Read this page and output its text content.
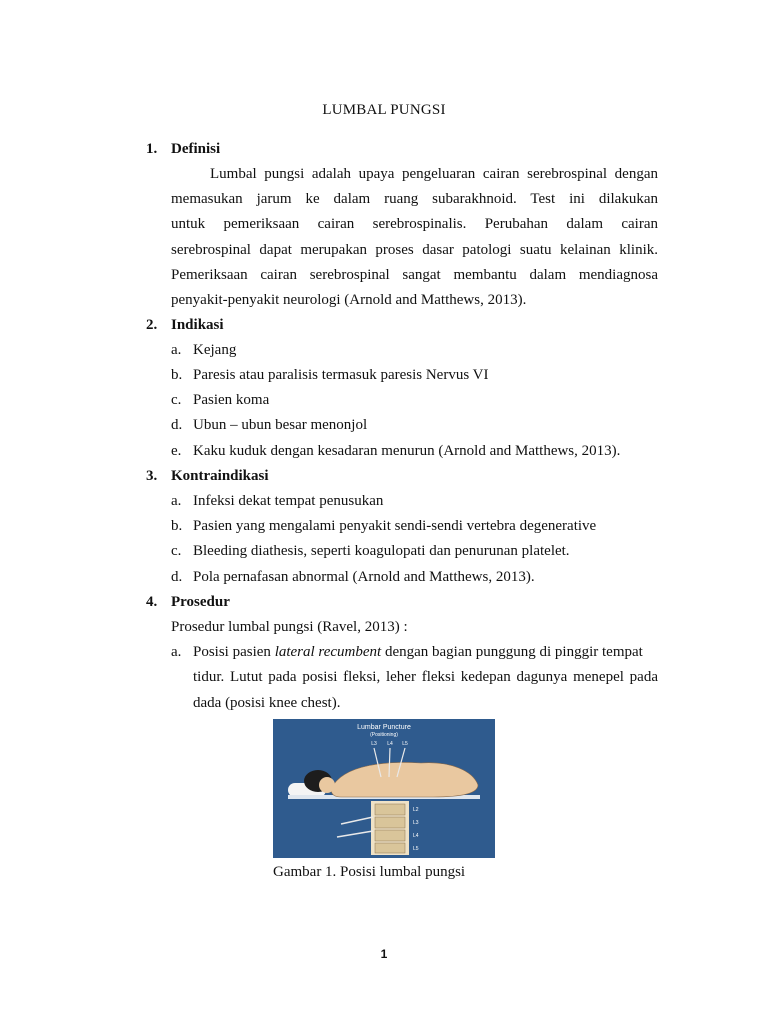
LUMBAL PUNGSI
1. Definisi
Lumbal pungsi adalah upaya pengeluaran cairan serebrospinal dengan
memasukan jarum ke dalam ruang subarakhnoid. Test ini dilakukan
untuk pemeriksaan cairan serebrospinalis. Perubahan dalam cairan
serebrospinal dapat merupakan proses dasar patologi suatu kelainan klinik.
Pemeriksaan cairan serebrospinal sangat membantu dalam mendiagnosa
penyakit-penyakit neurologi (Arnold and Matthews, 2013).
2. Indikasi
a. Kejang
b. Paresis atau paralisis termasuk paresis Nervus VI
c. Pasien koma
d. Ubun – ubun besar menonjol
e. Kaku kuduk dengan kesadaran menurun (Arnold and Matthews, 2013).
3. Kontraindikasi
a. Infeksi dekat tempat penusukan
b. Pasien yang mengalami penyakit sendi-sendi vertebra degenerative
c. Bleeding diathesis, seperti koagulopati dan penurunan platelet.
d. Pola pernafasan abnormal (Arnold and Matthews, 2013).
4. Prosedur
Prosedur lumbal pungsi (Ravel, 2013) :
a. Posisi pasien lateral recumbent dengan bagian punggung di pinggir tempat
tidur. Lutut pada posisi fleksi, leher fleksi kedepan dagunya menepel pada
dada (posisi knee chest).
Lumbar Puncture
(Positioning)
L3 L4 L5
L2
L3
L4
L5
Gambar 1. Posisi lumbal pungsi
1
